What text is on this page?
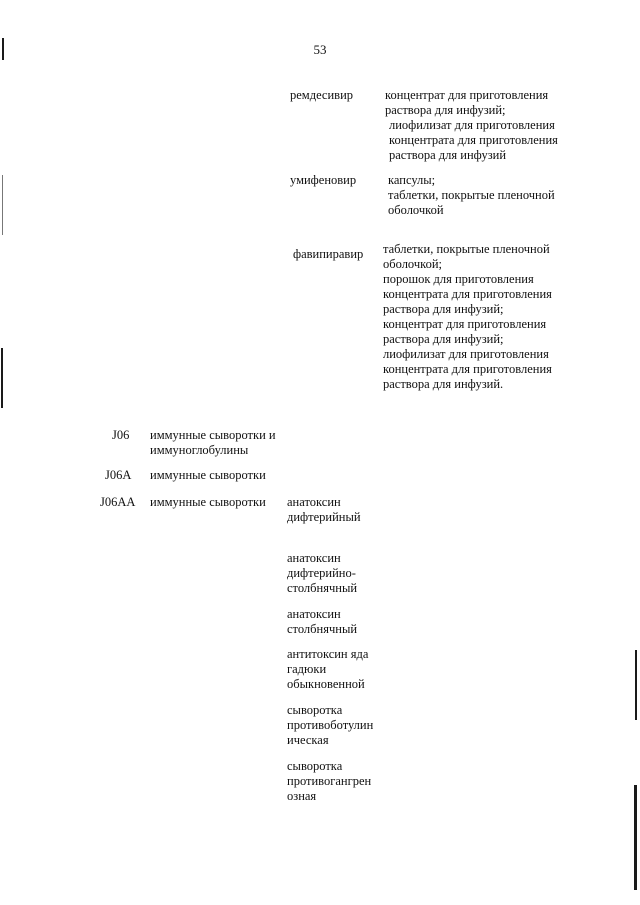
53
ремдесивир	концентрат для приготовления
раствора для инфузий;
лиофилизат для приготовления
концентрата для приготовления
раствора для инфузий
умифеновир	капсулы;
таблетки, покрытые пленочной
оболочкой
фавипиравир таблетки, покрытые пленочной
оболочкой;
порошок для приготовления
концентрата для приготовления
раствора для инфузий;
концентрат для приготовления
раствора для инфузий;
лиофилизат для приготовления
концентрата для приготовления
раствора для инфузий.
J06 иммунные сыворотки и
иммуноглобулины
J06A иммунные сыворотки
J06AA иммунные сыворотки анатоксин
дифтерийный
анатоксин
дифтерийно-
столбнячный
анатоксин
столбнячный
антитоксин яда
гадюки
обыкновенной
сыворотка
противоботулин
ическая
сыворотка
противогангрен
озная
